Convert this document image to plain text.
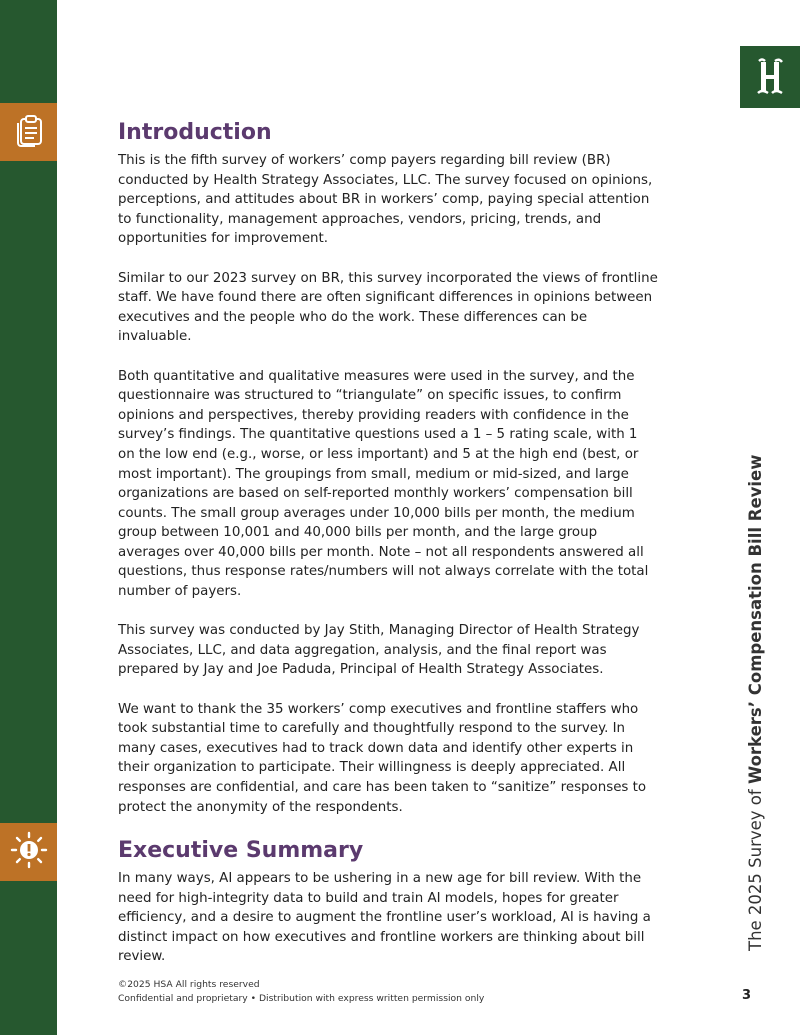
Introduction

This is the fifth survey of workers’ comp payers regarding bill review (BR) conducted by Health Strategy Associates, LLC. The survey focused on opinions, perceptions, and attitudes about BR in workers’ comp, paying special attention to functionality, management approaches, vendors, pricing, trends, and opportunities for improvement.

Similar to our 2023 survey on BR, this survey incorporated the views of frontline staff. We have found there are often significant differences in opinions between executives and the people who do the work. These differences can be invaluable.

Both quantitative and qualitative measures were used in the survey, and the questionnaire was structured to “triangulate” on specific issues, to confirm opinions and perspectives, thereby providing readers with confidence in the survey’s findings. The quantitative questions used a 1 – 5 rating scale, with 1 on the low end (e.g., worse, or less important) and 5 at the high end (best, or most important). The groupings from small, medium or mid-sized, and large organizations are based on self-reported monthly workers’ compensation bill counts. The small group averages under 10,000 bills per month, the medium group between 10,001 and 40,000 bills per month, and the large group averages over 40,000 bills per month. Note – not all respondents answered all questions, thus response rates/numbers will not always correlate with the total number of payers.

This survey was conducted by Jay Stith, Managing Director of Health Strategy Associates, LLC, and data aggregation, analysis, and the final report was prepared by Jay and Joe Paduda, Principal of Health Strategy Associates.

We want to thank the 35 workers’ comp executives and frontline staffers who took substantial time to carefully and thoughtfully respond to the survey. In many cases, executives had to track down data and identify other experts in their organization to participate. Their willingness is deeply appreciated. All responses are confidential, and care has been taken to “sanitize” responses to protect the anonymity of the respondents.

Executive Summary

In many ways, AI appears to be ushering in a new age for bill review. With the need for high-integrity data to build and train AI models, hopes for greater efficiency, and a desire to augment the frontline user’s workload, AI is having a distinct impact on how executives and frontline workers are thinking about bill review.

The 2025 Survey of Workers’ Compensation Bill Review
©2025 HSA All rights reserved
Confidential and proprietary • Distribution with express written permission only	3
